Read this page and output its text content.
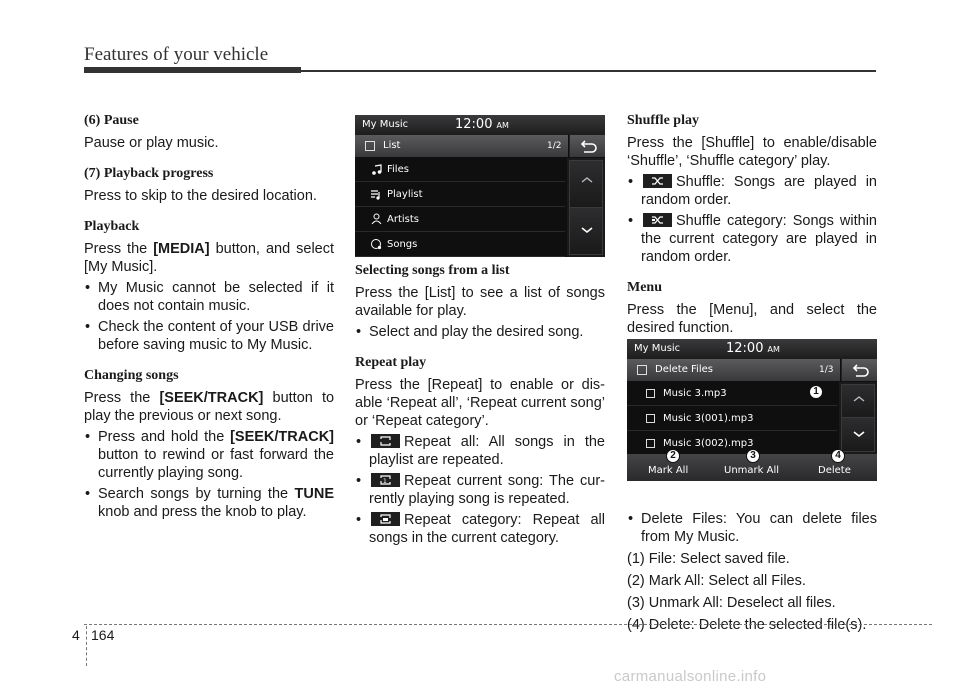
Features of your vehicle
(6) Pause

Pause or play music.

(7) Playback progress

Press to skip to the desired location.

Playback

Press the [MEDIA] button, and select [My Music].

• My Music cannot be selected if it does not contain music.
• Check the content of your USB drive before saving music to My Music.
Changing songs

Press the [SEEK/TRACK] button to play the previous or next song.

• Press and hold the [SEEK/TRACK] button to rewind or fast forward the currently playing song.
• Search songs by turning the TUNE knob and press the knob to play.
My Music	12:00 AM
List	1/2
Files
Playlist
Artists
Songs
Selecting songs from a list

Press the [List] to see a list of songs available for play.

• Select and play the desired song.
Repeat play

Press the [Repeat] to enable or dis-able ‘Repeat all’, ‘Repeat current song’ or ‘Repeat category’.

• Repeat all: All songs in the playlist are repeated.
• 1 Repeat current song: The cur-rently playing song is repeated.
• Repeat category: Repeat all songs in the current category.
Shuffle play

Press the [Shuffle] to enable/disable ‘Shuffle’, ‘Shuffle category’ play.

• Shuffle: Songs are played in random order.
• Shuffle category: Songs within the current category are played in random order.
Menu

Press the [Menu], and select the desired function.

• Delete Files: You can delete files from My Music.
(1) File: Select saved file.
(2) Mark All: Select all Files.
(3) Unmark All: Deselect all files.
(4) Delete: Delete the selected file(s).
My Music	12:00 AM
Delete Files	1/3
Music 3.mp3
Music 3(001).mp3
Music 3(002).mp3
Mark All	Unmark All	Delete
1
2	3	4
4 164
carmanualsonline.info
